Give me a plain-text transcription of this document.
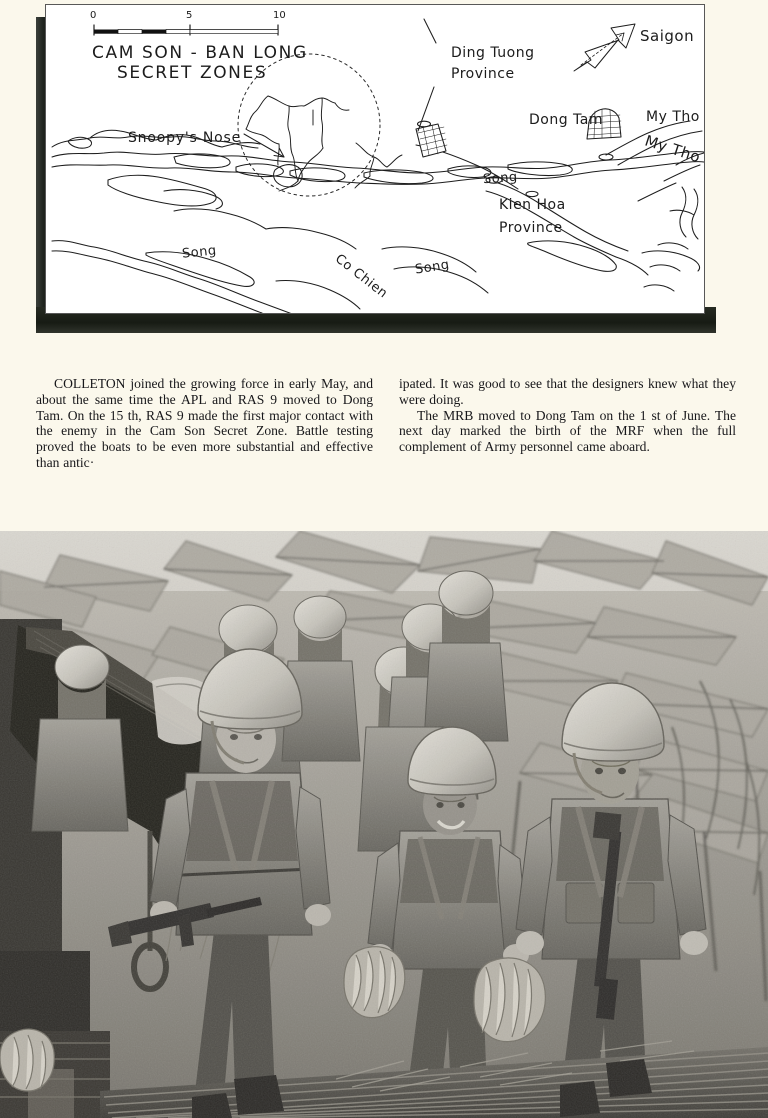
0	5	10
CAM SON - BAN LONG
SECRET ZONES
Snoopy's Nose
Ding Tuong
Province
Dong Tam	My Tho
Saigon
Kien Hoa
Province
Song
Song
Song
Co Chien
My Tho

COLLETON joined the growing force in early May, and about the same time the APL and RAS 9 moved to Dong Tam. On the 15 th, RAS 9 made the first major contact with the enemy in the Cam Son Secret Zone. Battle testing proved the boats to be even more substantial and effective than antic·

ipated. It was good to see that the designers knew what they were doing.

The MRB moved to Dong Tam on the 1 st of June. The next day marked the birth of the MRF when the full complement of Army personnel came aboard.
